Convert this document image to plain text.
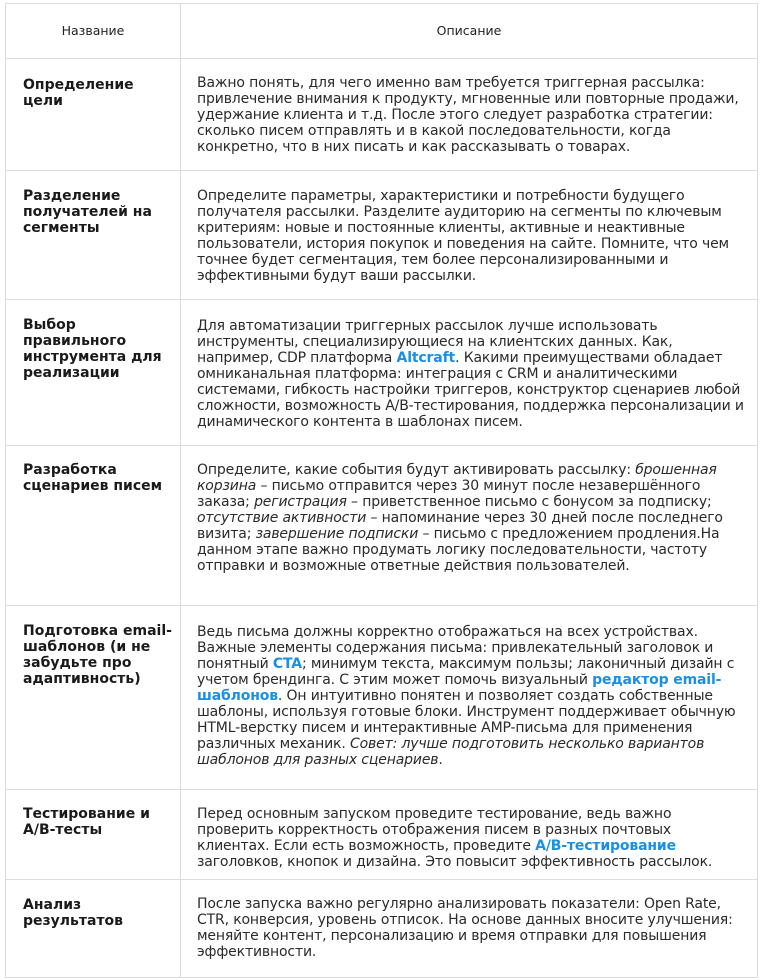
Название	Описание
Определение цели
Важно понять, для чего именно вам требуется триггерная рассылка: привлечение внимания к продукту, мгновенные или повторные продажи, удержание клиента и т.д. После этого следует разработка стратегии: сколько писем отправлять и в какой последовательности, когда конкретно, что в них писать и как рассказывать о товарах.
Разделение получателей на сегменты
Определите параметры, характеристики и потребности будущего получателя рассылки. Разделите аудиторию на сегменты по ключевым критериям: новые и постоянные клиенты, активные и неактивные пользователи, история покупок и поведения на сайте. Помните, что чем точнее будет сегментация, тем более персонализированными и эффективными будут ваши рассылки.
Выбор правильного инструмента для реализации
Для автоматизации триггерных рассылок лучше использовать инструменты, специализирующиеся на клиентских данных. Как, например, CDP платформа Altcraft. Какими преимуществами обладает омниканальная платформа: интеграция с CRM и аналитическими системами, гибкость настройки триггеров, конструктор сценариев любой сложности, возможность A/B-тестирования, поддержка персонализации и динамического контента в шаблонах писем.
Разработка сценариев писем
Определите, какие события будут активировать рассылку: брошенная корзина – письмо отправится через 30 минут после незавершённого заказа; регистрация – приветственное письмо с бонусом за подписку; отсутствие активности – напоминание через 30 дней после последнего визита; завершение подписки – письмо с предложением продления.На данном этапе важно продумать логику последовательности, частоту отправки и возможные ответные действия пользователей.
Подготовка email-шаблонов (и не забудьте про адаптивность)
Ведь письма должны корректно отображаться на всех устройствах. Важные элементы содержания письма: привлекательный заголовок и понятный CTA; минимум текста, максимум пользы; лаконичный дизайн с учетом брендинга. С этим может помочь визуальный редактор email-шаблонов. Он интуитивно понятен и позволяет создать собственные шаблоны, используя готовые блоки. Инструмент поддерживает обычную HTML-верстку писем и интерактивные AMP-письма для применения различных механик. Совет: лучше подготовить несколько вариантов шаблонов для разных сценариев.
Тестирование и A/B-тесты
Перед основным запуском проведите тестирование, ведь важно проверить корректность отображения писем в разных почтовых клиентах. Если есть возможность, проведите A/B-тестирование заголовков, кнопок и дизайна. Это повысит эффективность рассылок.
Анализ результатов
После запуска важно регулярно анализировать показатели: Open Rate, CTR, конверсия, уровень отписок. На основе данных вносите улучшения: меняйте контент, персонализацию и время отправки для повышения эффективности.
